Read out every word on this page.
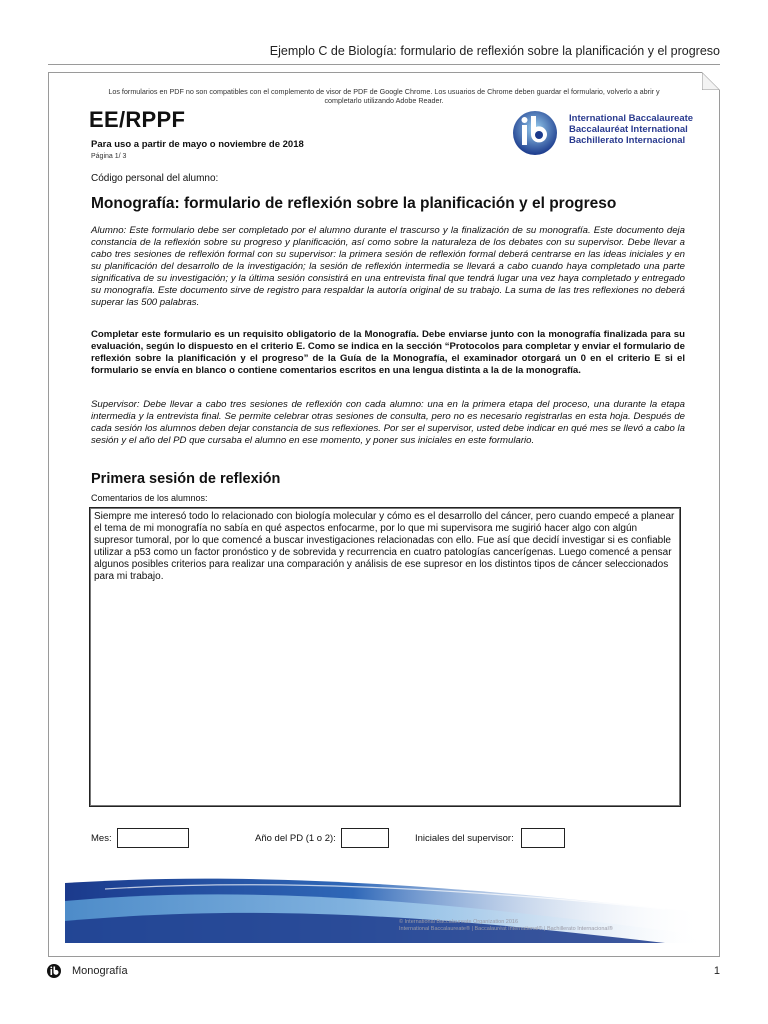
Ejemplo C de Biología: formulario de reflexión sobre la planificación y el progreso
Los formularios en PDF no son compatibles con el complemento de visor de PDF de Google Chrome. Los usuarios de Chrome deben guardar el formulario, volverlo a abrir y completarlo utilizando Adobe Reader.
EE/RPPF
Para uso a partir de mayo o noviembre de 2018
Página 1/ 3
International Baccalaureate
Baccalauréat International
Bachillerato Internacional
Código personal del alumno:
Monografía: formulario de reflexión sobre la planificación y el progreso
Alumno: Este formulario debe ser completado por el alumno durante el trascurso y la finalización de su monografía. Este documento deja constancia de la reflexión sobre su progreso y planificación, así como sobre la naturaleza de los debates con su supervisor. Debe llevar a cabo tres sesiones de reflexión formal con su supervisor: la primera sesión de reflexión formal deberá centrarse en las ideas iniciales y en su planificación del desarrollo de la investigación; la sesión de reflexión intermedia se llevará a cabo cuando haya completado una parte significativa de su investigación; y la última sesión consistirá en una entrevista final que tendrá lugar una vez haya completado y entregado su monografía. Este documento sirve de registro para respaldar la autoría original de su trabajo. La suma de las tres reflexiones no deberá superar las 500 palabras.
Completar este formulario es un requisito obligatorio de la Monografía. Debe enviarse junto con la monografía finalizada para su evaluación, según lo dispuesto en el criterio E. Como se indica en la sección “Protocolos para completar y enviar el formulario de reflexión sobre la planificación y el progreso” de la Guía de la Monografía, el examinador otorgará un 0 en el criterio E si el formulario se envía en blanco o contiene comentarios escritos en una lengua distinta a la de la monografía.
Supervisor: Debe llevar a cabo tres sesiones de reflexión con cada alumno: una en la primera etapa del proceso, una durante la etapa intermedia y la entrevista final. Se permite celebrar otras sesiones de consulta, pero no es necesario registrarlas en esta hoja. Después de cada sesión los alumnos deben dejar constancia de sus reflexiones. Por ser el supervisor, usted debe indicar en qué mes se llevó a cabo la sesión y el año del PD que cursaba el alumno en ese momento, y poner sus iniciales en este formulario.
Primera sesión de reflexión
Comentarios de los alumnos:
Siempre me interesó todo lo relacionado con biología molecular y cómo es el desarrollo del cáncer, pero cuando empecé a planear el tema de mi monografía no sabía en qué aspectos enfocarme, por lo que mi supervisora me sugirió hacer algo con algún supresor tumoral, por lo que comencé a buscar investigaciones relacionadas con ello. Fue así que decidí investigar si es confiable utilizar a p53 como un factor pronóstico y de sobrevida y recurrencia en cuatro patologías cancerígenas. Luego comencé a pensar algunos posibles criterios para realizar una comparación y análisis de ese supresor en los distintos tipos de cáncer seleccionados para mi trabajo.
Mes:	Año del PD (1 o 2):	Iniciales del supervisor:
© International Baccalaureate Organization 2016
International Baccalaureate® | Baccalauréat International® | Bachillerato Internacional®
Monografía	1
